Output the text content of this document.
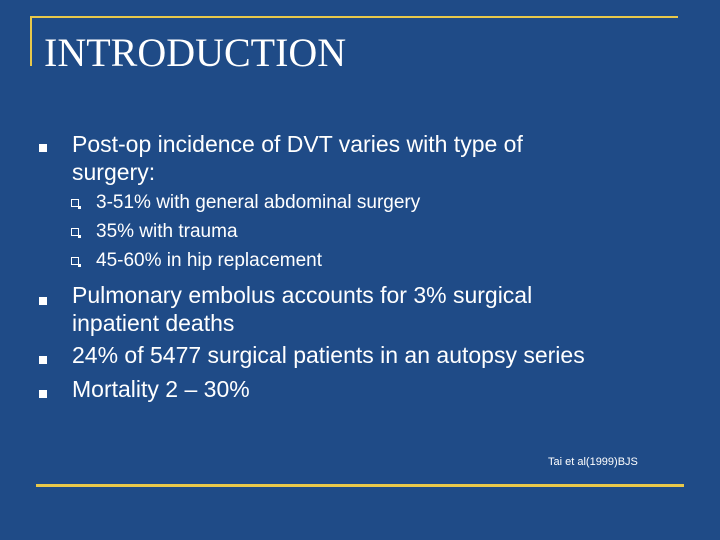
INTRODUCTION
Post-op incidence of DVT varies with type of
surgery:
3-51% with general abdominal surgery
35% with trauma
45-60% in hip replacement
Pulmonary embolus accounts for 3% surgical
inpatient deaths
24% of 5477 surgical patients in an autopsy series
Mortality 2 – 30%
Tai et al(1999)BJS
